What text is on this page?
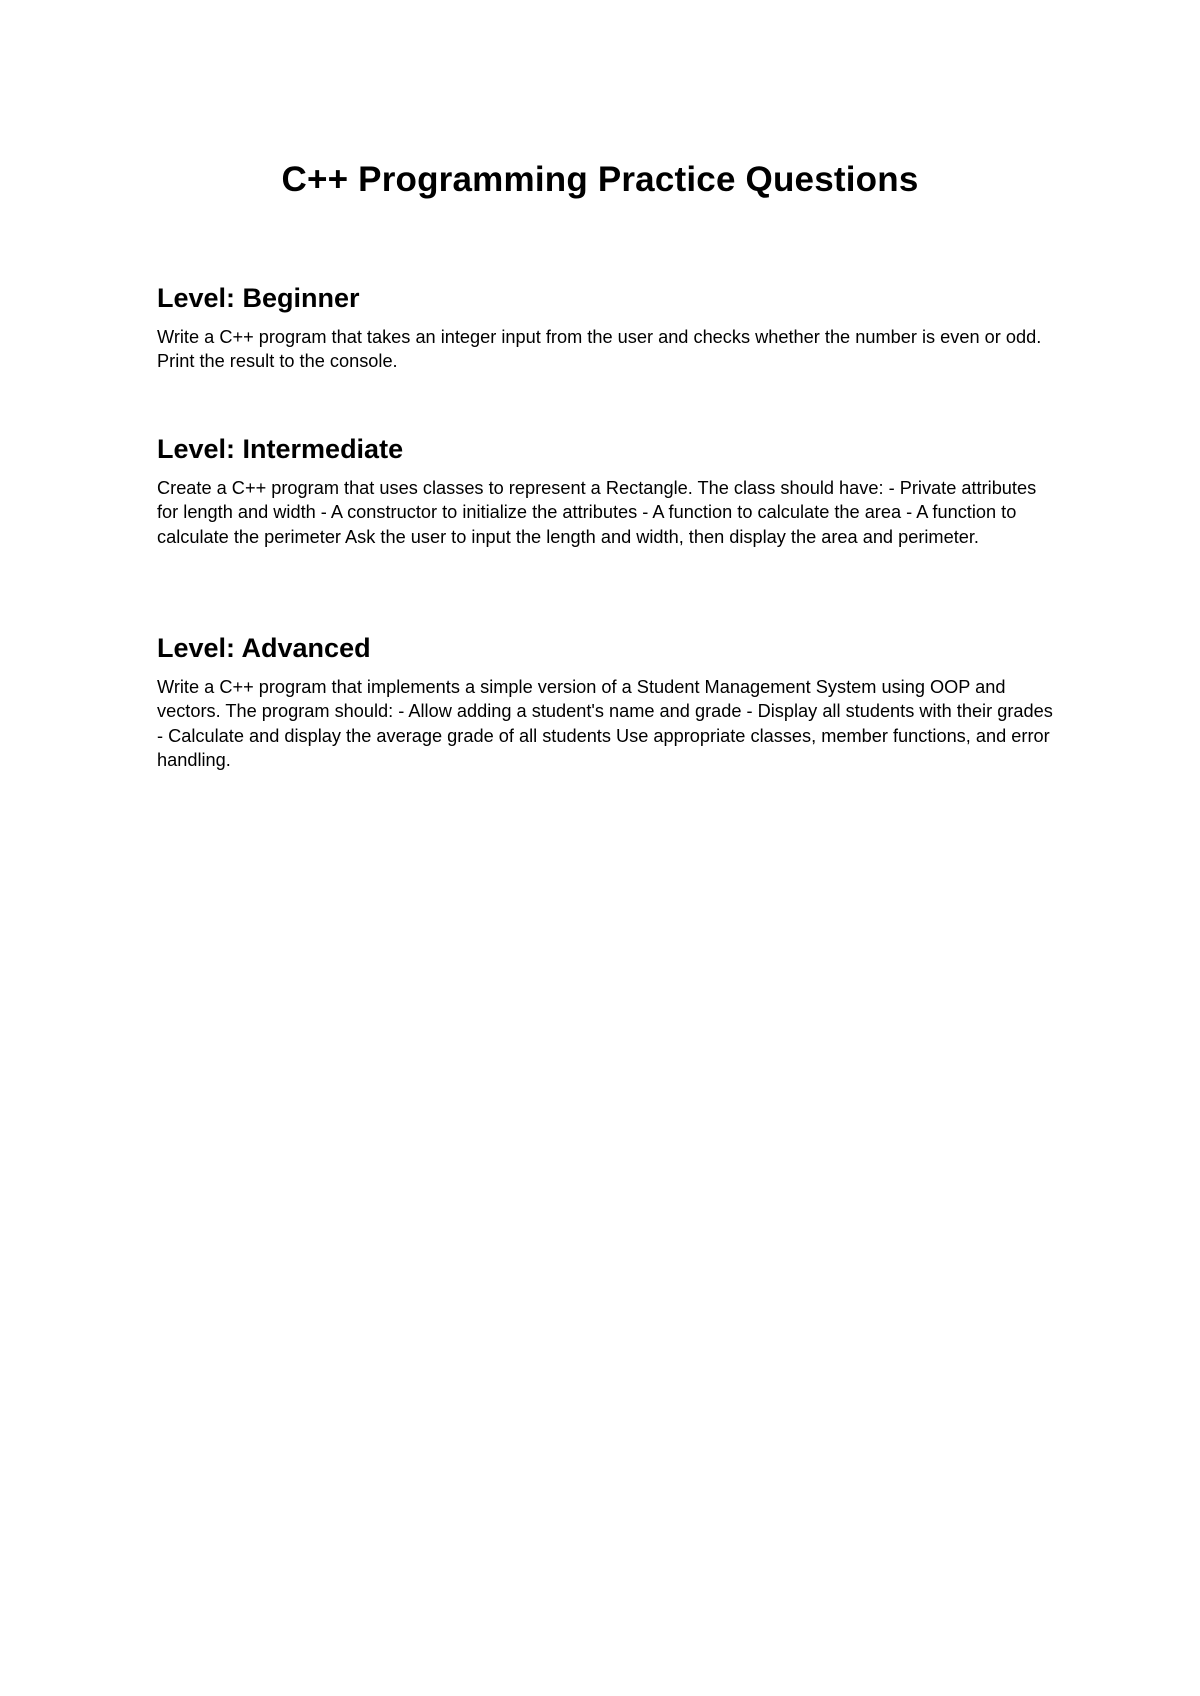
C++ Programming Practice Questions
Level: Beginner

Write a C++ program that takes an integer input from the user and checks whether the number is even or odd. Print the result to the console.

Level: Intermediate

Create a C++ program that uses classes to represent a Rectangle. The class should have: - Private attributes for length and width - A constructor to initialize the attributes - A function to calculate the area - A function to calculate the perimeter Ask the user to input the length and width, then display the area and perimeter.

Level: Advanced

Write a C++ program that implements a simple version of a Student Management System using OOP and vectors. The program should: - Allow adding a student's name and grade - Display all students with their grades - Calculate and display the average grade of all students Use appropriate classes, member functions, and error handling.
